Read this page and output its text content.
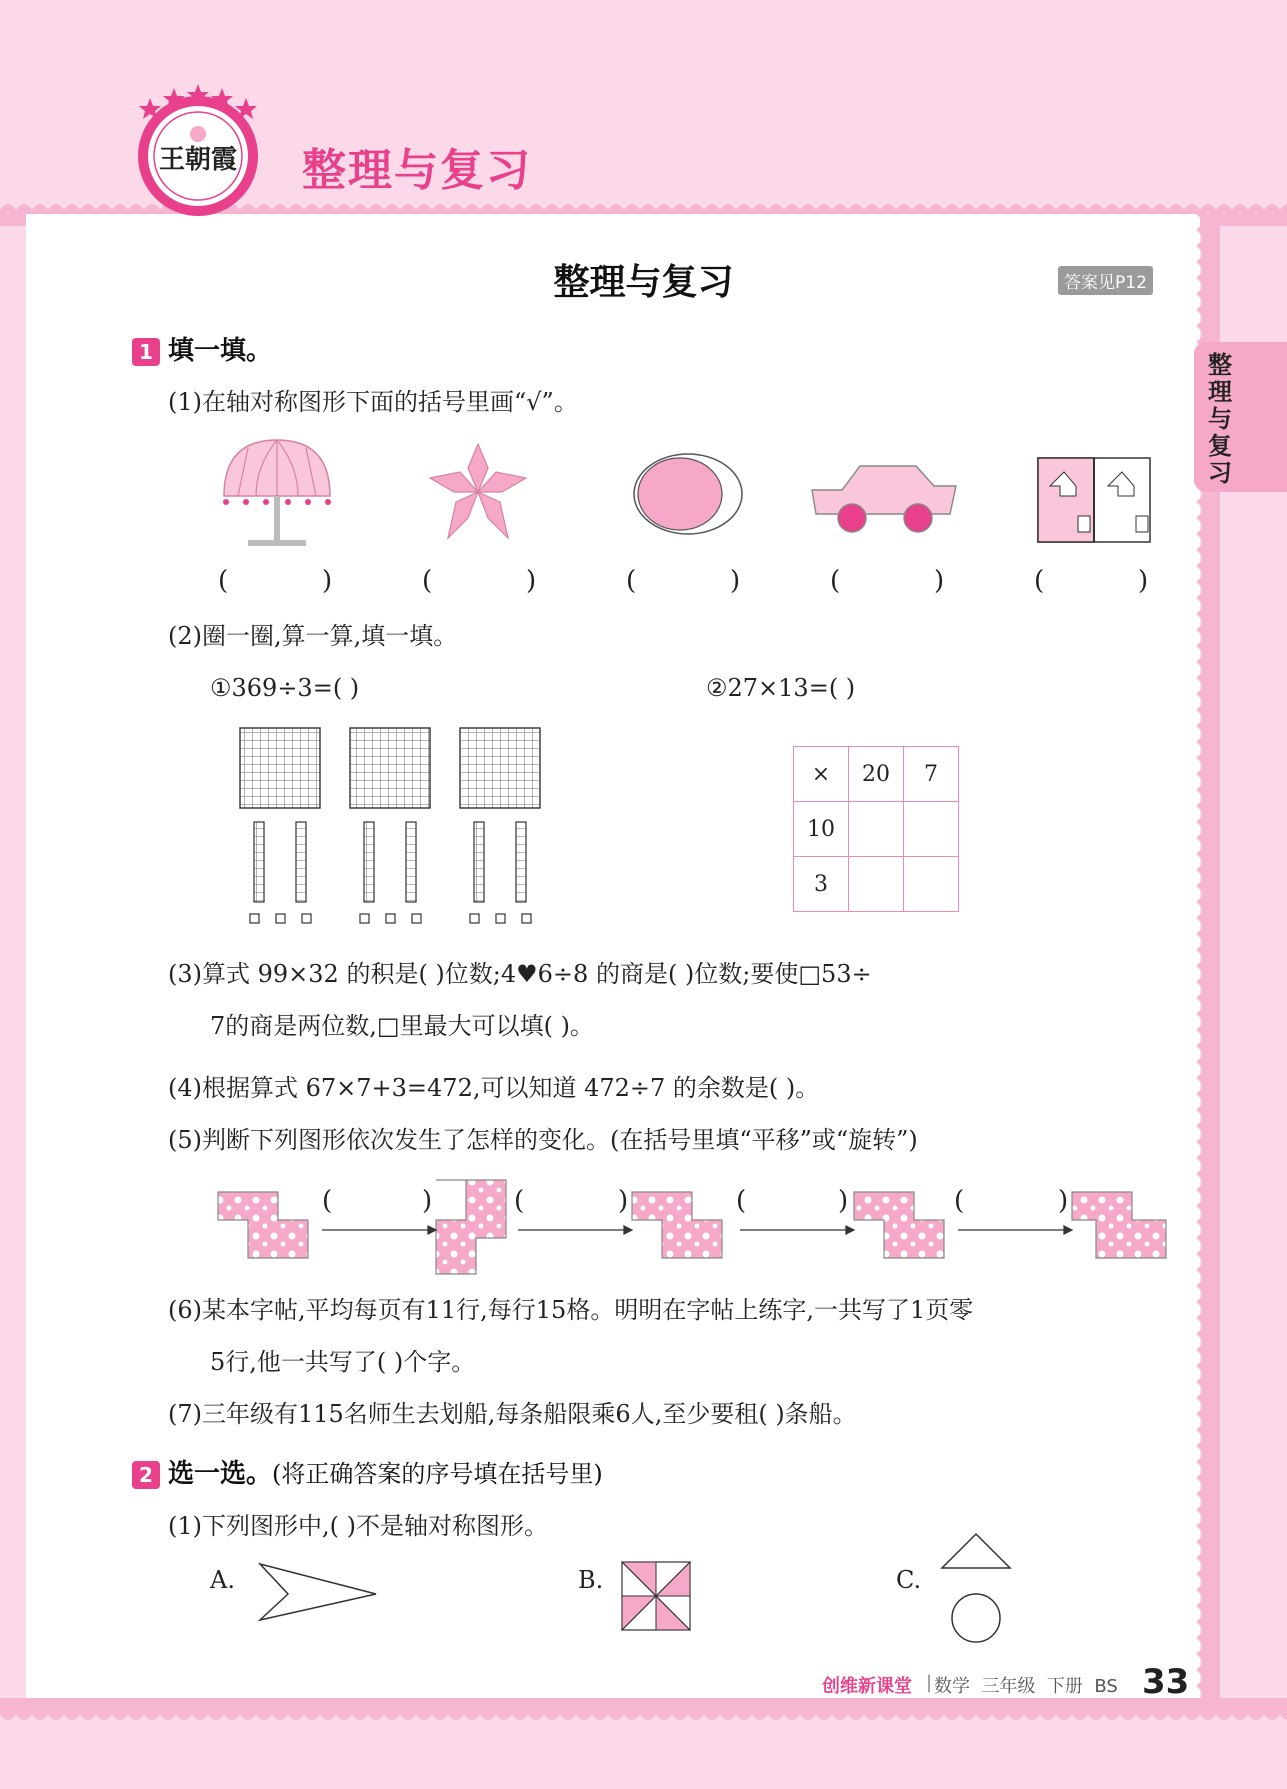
王朝霞 整理与复习
整理与复习	答案见P12
整理与复习
1 填一填。
(1)在轴对称图形下面的括号里画“√”。
(	)	(	)	(	)	(	)	(	)
(2)圈一圈,算一算,填一填。
①369÷3=( )	②27×13=( )
×	20	7
10		
3		
(3)算式 99×32 的积是( )位数;4♥6÷8 的商是( )位数;要使□53÷
7的商是两位数,□里最大可以填( )。
(4)根据算式 67×7+3=472,可以知道 472÷7 的余数是( )。
(5)判断下列图形依次发生了怎样的变化。(在括号里填“平移”或“旋转”)
(	)	(	)	(	)	(	)
(6)某本字帖,平均每页有11行,每行15格。明明在字帖上练字,一共写了1页零
5行,他一共写了( )个字。
(7)三年级有115名师生去划船,每条船限乘6人,至少要租( )条船。
2 选一选。(将正确答案的序号填在括号里)
(1)下列图形中,( )不是轴对称图形。
A.	B.	C.
创维新课堂 | 数学  三年级  下册  BS 33
